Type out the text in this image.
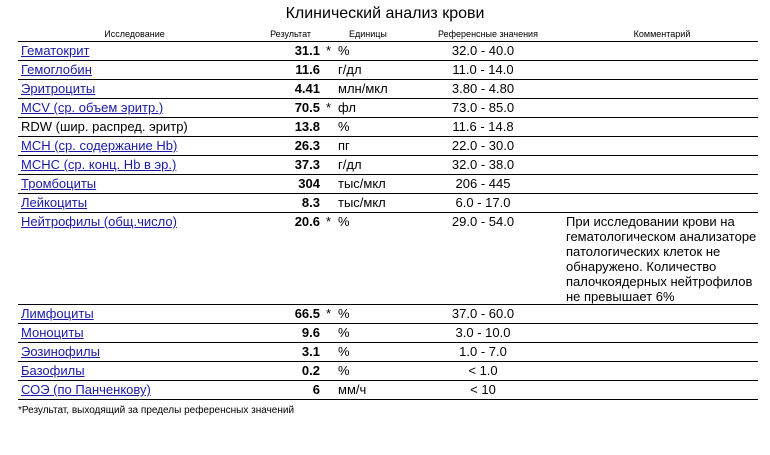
Клинический анализ крови
Исследование	Результат		Единицы	Референсные значения	Комментарий
Гематокрит	31.1	*	%	32.0 - 40.0	
Гемоглобин	11.6		г/дл	11.0 - 14.0	
Эритроциты	4.41		млн/мкл	3.80 - 4.80	
MCV (ср. объем эритр.)	70.5	*	фл	73.0 - 85.0	
RDW (шир. распред. эритр)	13.8		%	11.6 - 14.8	
MCH (ср. содержание Hb)	26.3		пг	22.0 - 30.0	
MCHC (ср. конц. Hb в эр.)	37.3		г/дл	32.0 - 38.0	
Тромбоциты	304		тыс/мкл	206 - 445	
Лейкоциты	8.3		тыс/мкл	6.0 - 17.0	
Нейтрофилы (общ.число)	20.6	*	%	29.0 - 54.0	При исследовании крови на гематологическом анализаторе патологических клеток не обнаружено. Количество палочкоядерных нейтрофилов не превышает 6%
Лимфоциты	66.5	*	%	37.0 - 60.0	
Моноциты	9.6		%	3.0 - 10.0	
Эозинофилы	3.1		%	1.0 - 7.0	
Базофилы	0.2		%	< 1.0	
СОЭ (по Панченкову)	6		мм/ч	< 10	
*Результат, выходящий за пределы референсных значений
